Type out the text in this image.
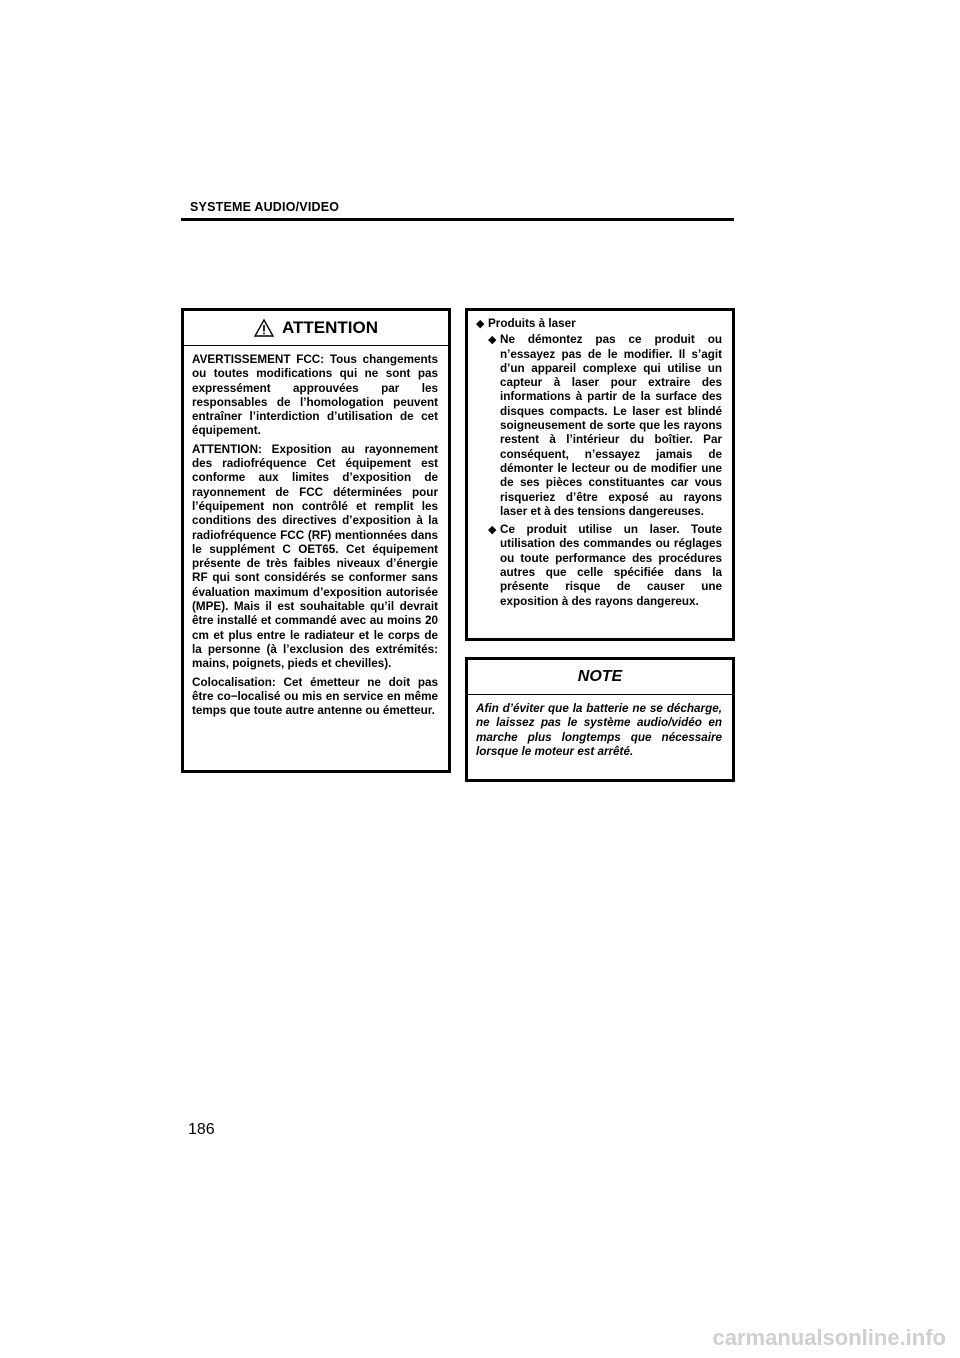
SYSTEME AUDIO/VIDEO
ATTENTION

AVERTISSEMENT FCC: Tous changements ou toutes modifications qui ne sont pas expressément approuvées par les responsables de l’homologation peuvent entraîner l’interdiction d’utilisation de cet équipement.

ATTENTION: Exposition au rayonnement des radiofréquence Cet équipement est conforme aux limites d’exposition de rayonnement de FCC déterminées pour l’équipement non contrôlé et remplit les conditions des directives d’exposition à la radiofréquence FCC (RF) mentionnées dans le supplément C OET65. Cet équipement présente de très faibles niveaux d’énergie RF qui sont considérés se conformer sans évaluation maximum d’exposition autorisée (MPE). Mais il est souhaitable qu’il devrait être installé et commandé avec au moins 20 cm et plus entre le radiateur et le corps de la personne (à l’exclusion des extrémités: mains, poignets, pieds et chevilles).

Colocalisation: Cet émetteur ne doit pas être co−localisé ou mis en service en même temps que toute autre antenne ou émetteur.

◆ Produits à laser
◆ Ne démontez pas ce produit ou n’essayez pas de le modifier. Il s’agit d’un appareil complexe qui utilise un capteur à laser pour extraire des informations à partir de la surface des disques compacts. Le laser est blindé soigneusement de sorte que les rayons restent à l’intérieur du boîtier. Par conséquent, n’essayez jamais de démonter le lecteur ou de modifier une de ses pièces constituantes car vous risqueriez d’être exposé au rayons laser et à des tensions dangereuses.
◆ Ce produit utilise un laser. Toute utilisation des commandes ou réglages ou toute performance des procédures autres que celle spécifiée dans la présente risque de causer une exposition à des rayons dangereux.
NOTE

Afin d’éviter que la batterie ne se décharge, ne laissez pas le système audio/vidéo en marche plus longtemps que nécessaire lorsque le moteur est arrêté.

186
carmanualsonline.info
